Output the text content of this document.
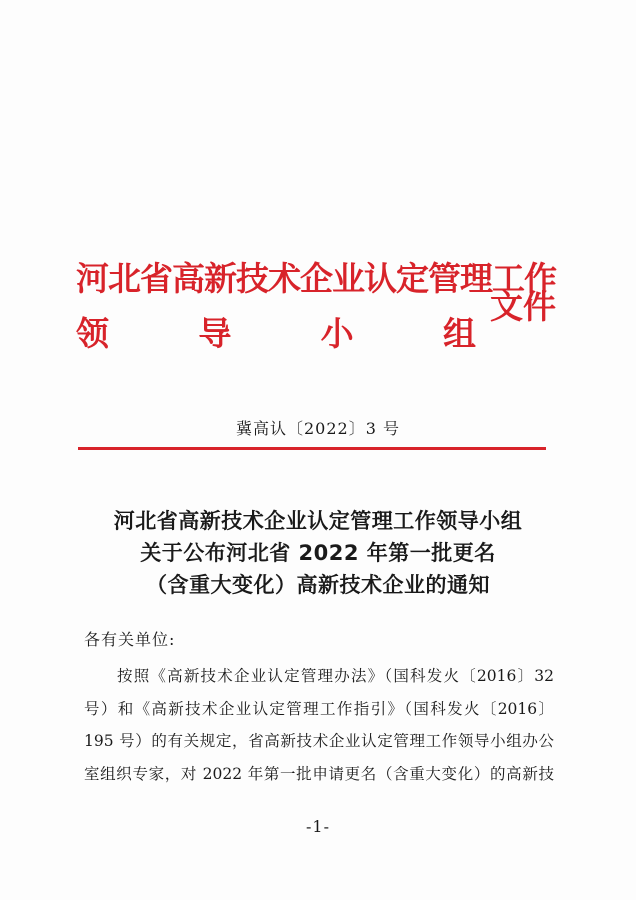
河北省高新技术企业认定管理工作
领	导	小	组
文件
冀高认〔2022〕3 号
河北省高新技术企业认定管理工作领导小组
关于公布河北省 2022 年第一批更名
（含重大变化）高新技术企业的通知
各有关单位:
按照《高新技术企业认定管理办法》（国科发火〔2016〕32
号）和《高新技术企业认定管理工作指引》（国科发火〔2016〕
195 号）的有关规定，省高新技术企业认定管理工作领导小组办公
室组织专家，对 2022 年第一批申请更名（含重大变化）的高新技
-1-
